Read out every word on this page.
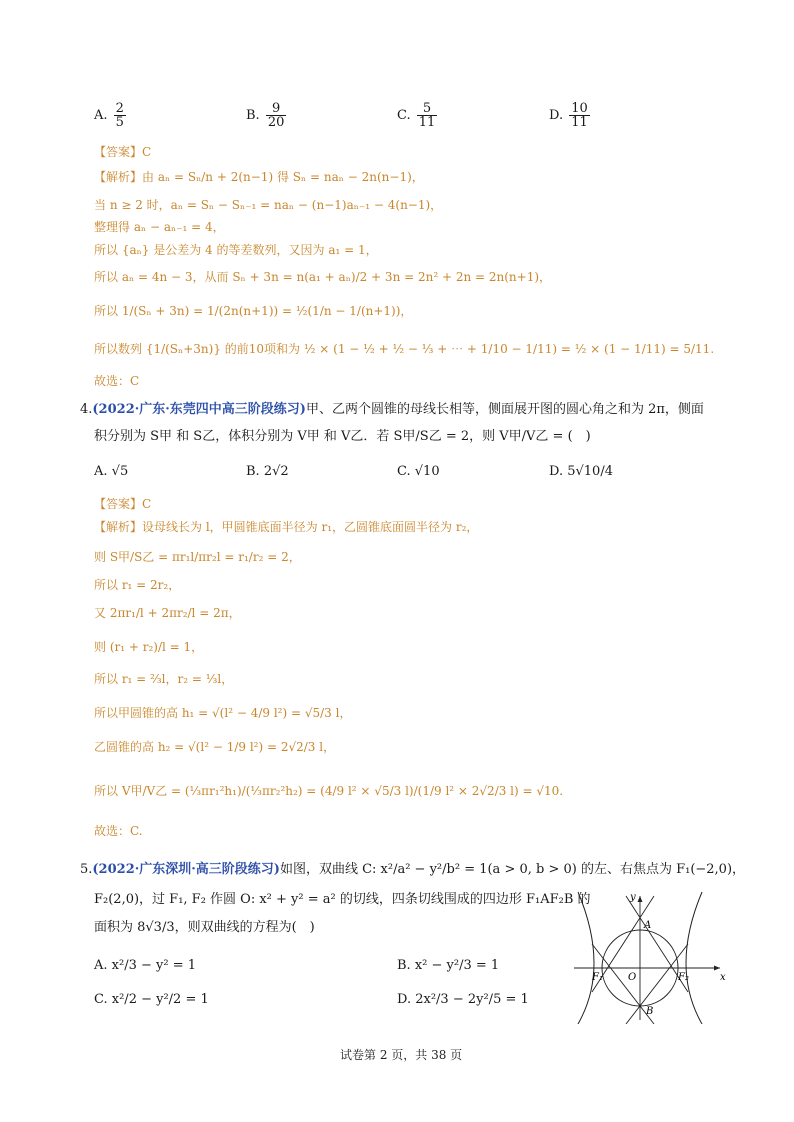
A. $\frac{2}{5}$	B. $\frac{9}{20}$	C. $\frac{5}{11}$	D. $\frac{10}{11}$
【答案】C
【解析】由 aₙ = Sₙ/n + 2(n−1) 得 Sₙ = naₙ − 2n(n−1)，
当 n ≥ 2 时，aₙ = Sₙ − Sₙ₋₁ = naₙ − (n−1)aₙ₋₁ − 4(n−1)，
整理得 aₙ − aₙ₋₁ = 4，
所以 {aₙ} 是公差为 4 的等差数列，又因为 a₁ = 1，
所以 aₙ = 4n − 3，从而 Sₙ + 3n = n(a₁ + aₙ)/2 + 3n = 2n² + 2n = 2n(n+1)，
所以 1/(Sₙ + 3n) = 1/(2n(n+1)) = ½(1/n − 1/(n+1))，
所以数列 {1/(Sₙ+3n)} 的前10项和为 ½ × (1 − ½ + ½ − ⅓ + ⋯ + 1/10 − 1/11) = ½ × (1 − 1/11) = 5/11.
故选：C
4.(2022·广东·东莞四中高三阶段练习)甲、乙两个圆锥的母线长相等，侧面展开图的圆心角之和为 2π，侧面
积分别为 S甲 和 S乙，体积分别为 V甲 和 V乙．若 S甲/S乙 = 2，则 V甲/V乙 = (　)
A. √5	B. 2√2	C. √10	D. 5√10/4
【答案】C
【解析】设母线长为 l，甲圆锥底面半径为 r₁，乙圆锥底面圆半径为 r₂，
则 S甲/S乙 = πr₁l/πr₂l = r₁/r₂ = 2，
所以 r₁ = 2r₂，
又 2πr₁/l + 2πr₂/l = 2π，
则 (r₁ + r₂)/l = 1，
所以 r₁ = ⅔l，r₂ = ⅓l，
所以甲圆锥的高 h₁ = √(l² − 4/9 l²) = √5/3 l，
乙圆锥的高 h₂ = √(l² − 1/9 l²) = 2√2/3 l，
所以 V甲/V乙 = (⅓πr₁²h₁)/(⅓πr₂²h₂) = (4/9 l² × √5/3 l)/(1/9 l² × 2√2/3 l) = √10.
故选：C.
5.(2022·广东深圳·高三阶段练习)如图，双曲线 C: x²/a² − y²/b² = 1(a > 0, b > 0) 的左、右焦点为 F₁(−2,0)，
F₂(2,0)，过 F₁, F₂ 作圆 O: x² + y² = a² 的切线，四条切线围成的四边形 F₁AF₂B 的
面积为 8√3/3，则双曲线的方程为(　)
A. x²/3 − y² = 1	B. x² − y²/3 = 1
C. x²/2 − y²/2 = 1	D. 2x²/3 − 2y²/5 = 1
y
x
A
B
O
F₁	F₂
试卷第 2 页，共 38 页
